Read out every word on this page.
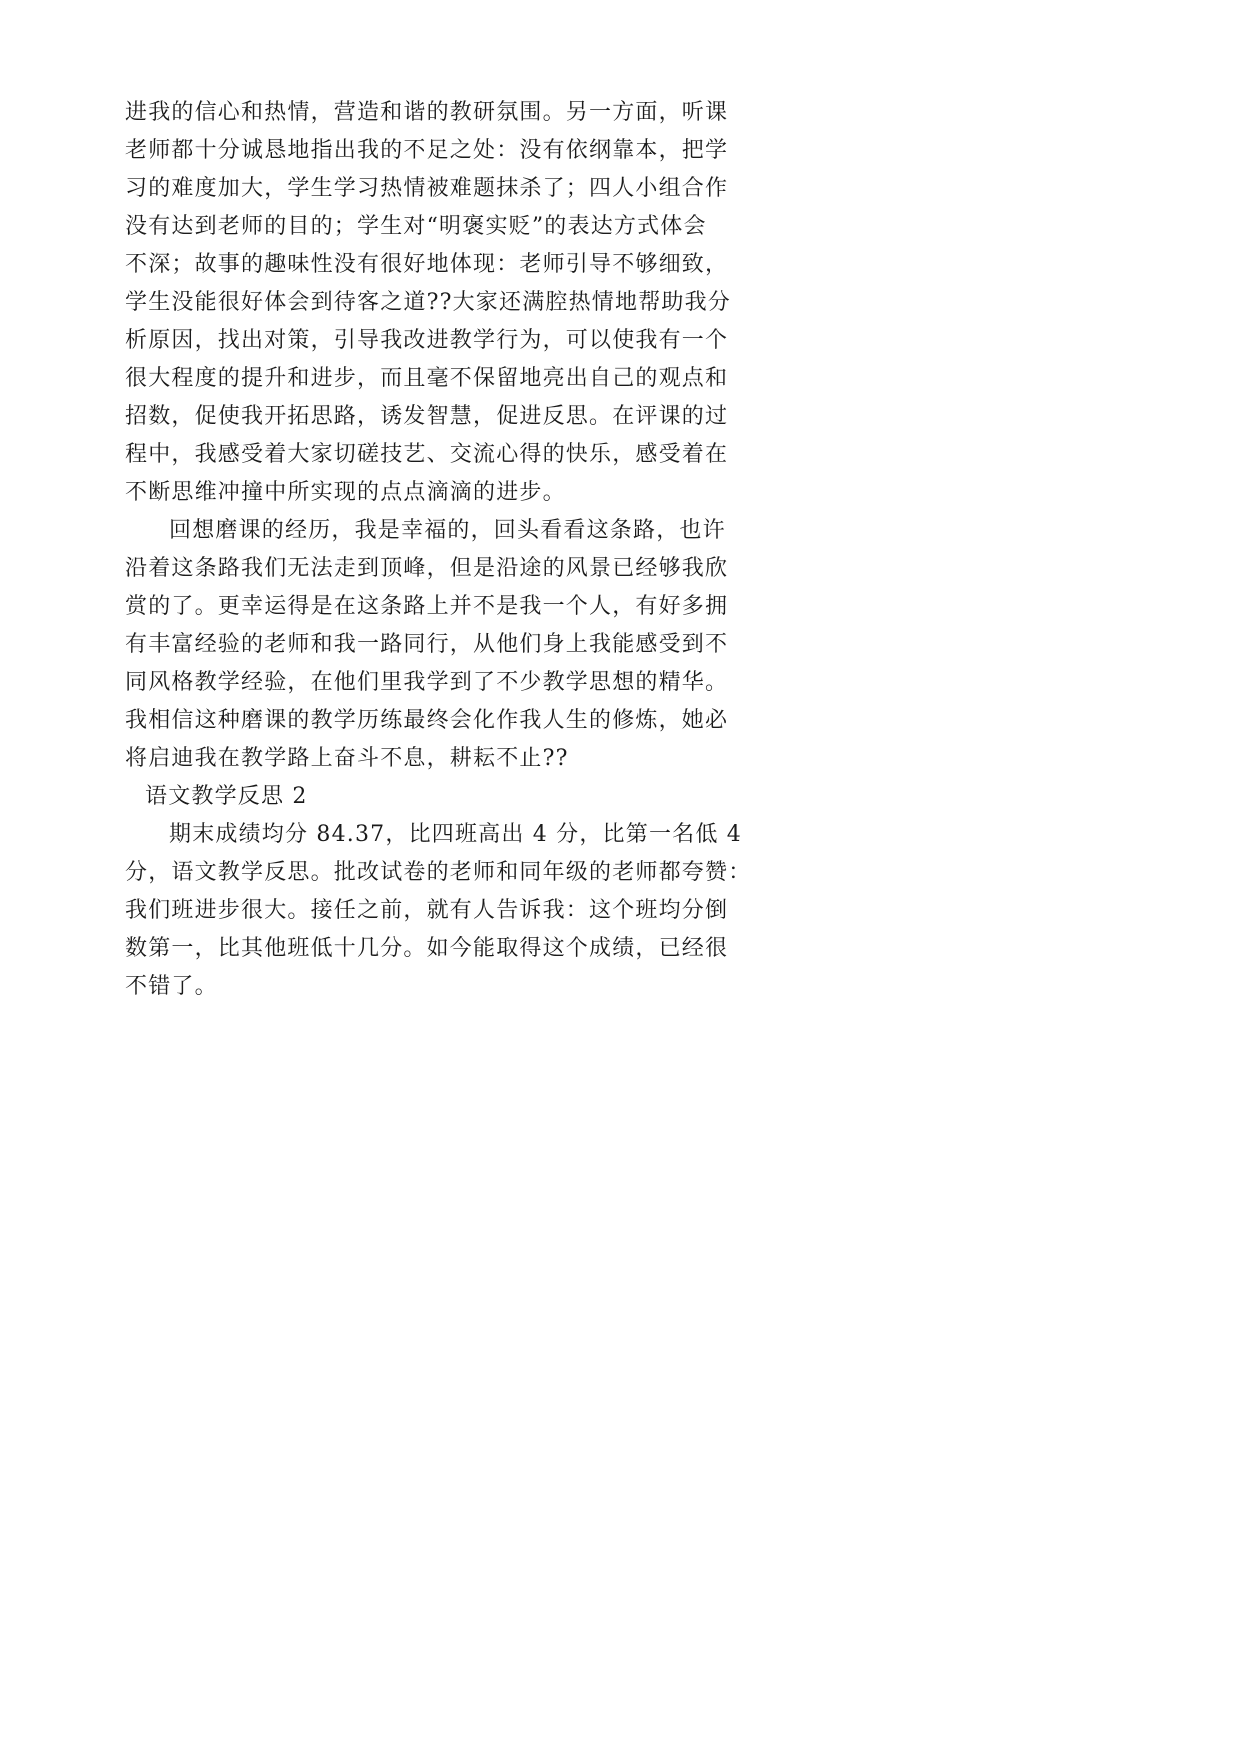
进我的信心和热情，营造和谐的教研氛围。另一方面，听课
老师都十分诚恳地指出我的不足之处：没有依纲靠本，把学
习的难度加大，学生学习热情被难题抹杀了；四人小组合作
没有达到老师的目的；学生对“明褒实贬”的表达方式体会
不深；故事的趣味性没有很好地体现：老师引导不够细致，
学生没能很好体会到待客之道??大家还满腔热情地帮助我分
析原因，找出对策，引导我改进教学行为，可以使我有一个
很大程度的提升和进步，而且毫不保留地亮出自己的观点和
招数，促使我开拓思路，诱发智慧，促进反思。在评课的过
程中，我感受着大家切磋技艺、交流心得的快乐，感受着在
不断思维冲撞中所实现的点点滴滴的进步。
回想磨课的经历，我是幸福的，回头看看这条路，也许
沿着这条路我们无法走到顶峰，但是沿途的风景已经够我欣
赏的了。更幸运得是在这条路上并不是我一个人，有好多拥
有丰富经验的老师和我一路同行，从他们身上我能感受到不
同风格教学经验，在他们里我学到了不少教学思想的精华。
我相信这种磨课的教学历练最终会化作我人生的修炼，她必
将启迪我在教学路上奋斗不息，耕耘不止??
语文教学反思 2
期末成绩均分 84.37，比四班高出 4 分，比第一名低 4
分，语文教学反思。批改试卷的老师和同年级的老师都夸赞：
我们班进步很大。接任之前，就有人告诉我：这个班均分倒
数第一，比其他班低十几分。如今能取得这个成绩，已经很
不错了。
